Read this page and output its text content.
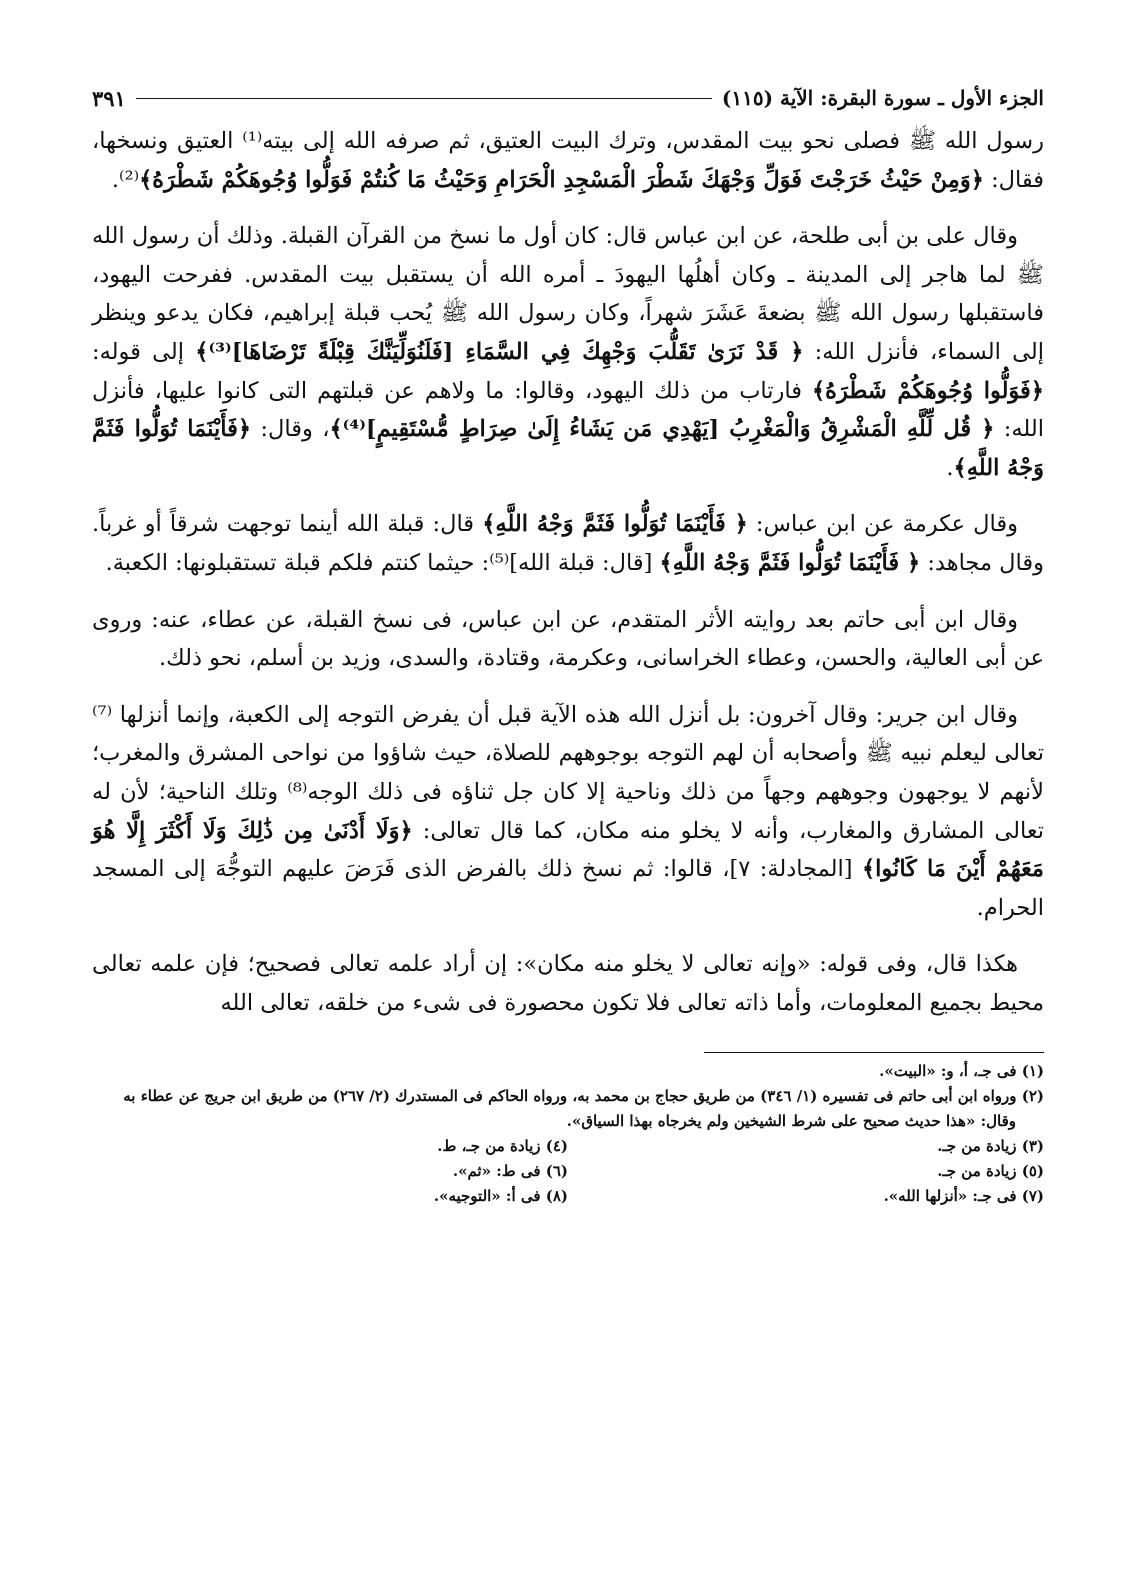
الجزء الأول ـ سورة البقرة: الآية (١١٥)
٣٩١

رسول الله ﷺ فصلى نحو بيت المقدس، وترك البيت العتيق، ثم صرفه الله إلى بيته⁽¹⁾ العتيق ونسخها، فقال: ﴿وَمِنْ حَيْثُ خَرَجْتَ فَوَلِّ وَجْهَكَ شَطْرَ الْمَسْجِدِ الْحَرَامِ وَحَيْثُ مَا كُنتُمْ فَوَلُّوا وُجُوهَكُمْ شَطْرَهُ﴾⁽²⁾.

وقال على بن أبى طلحة، عن ابن عباس قال: كان أول ما نسخ من القرآن القبلة. وذلك أن رسول الله ﷺ لما هاجر إلى المدينة ـ وكان أهلُها اليهودَ ـ أمره الله أن يستقبل بيت المقدس. ففرحت اليهود، فاستقبلها رسول الله ﷺ بضعةَ عَشَرَ شهراً، وكان رسول الله ﷺ يُحب قبلة إبراهيم، فكان يدعو وينظر إلى السماء، فأنزل الله: ﴿ قَدْ نَرَىٰ تَقَلُّبَ وَجْهِكَ فِي السَّمَاءِ [فَلَنُوَلِّيَنَّكَ قِبْلَةً تَرْضَاهَا]⁽³⁾﴾ إلى قوله: ﴿فَوَلُّوا وُجُوهَكُمْ شَطْرَهُ﴾ فارتاب من ذلك اليهود، وقالوا: ما ولاهم عن قبلتهم التى كانوا عليها، فأنزل الله: ﴿ قُل لِّلَّهِ الْمَشْرِقُ وَالْمَغْرِبُ [يَهْدِي مَن يَشَاءُ إِلَىٰ صِرَاطٍ مُّسْتَقِيمٍ]⁽⁴⁾﴾، وقال: ﴿فَأَيْنَمَا تُوَلُّوا فَثَمَّ وَجْهُ اللَّهِ﴾.

وقال عكرمة عن ابن عباس: ﴿ فَأَيْنَمَا تُوَلُّوا فَثَمَّ وَجْهُ اللَّهِ﴾ قال: قبلة الله أينما توجهت شرقاً أو غرباً. وقال مجاهد: ﴿ فَأَيْنَمَا تُوَلُّوا فَثَمَّ وَجْهُ اللَّهِ﴾ [قال: قبلة الله]⁽⁵⁾: حيثما كنتم فلكم قبلة تستقبلونها: الكعبة.

وقال ابن أبى حاتم بعد روايته الأثر المتقدم، عن ابن عباس، فى نسخ القبلة، عن عطاء، عنه: وروى عن أبى العالية، والحسن، وعطاء الخراسانى، وعكرمة، وقتادة، والسدى، وزيد بن أسلم، نحو ذلك.

وقال ابن جرير: وقال آخرون: بل أنزل الله هذه الآية قبل أن يفرض التوجه إلى الكعبة، وإنما أنزلها ⁽⁷⁾ تعالى ليعلم نبيه ﷺ وأصحابه أن لهم التوجه بوجوههم للصلاة، حيث شاؤوا من نواحى المشرق والمغرب؛ لأنهم لا يوجهون وجوههم وجهاً من ذلك وناحية إلا كان جل ثناؤه فى ذلك الوجه⁽⁸⁾ وتلك الناحية؛ لأن له تعالى المشارق والمغارب، وأنه لا يخلو منه مكان، كما قال تعالى: ﴿وَلَا أَدْنَىٰ مِن ذَٰلِكَ وَلَا أَكْثَرَ إِلَّا هُوَ مَعَهُمْ أَيْنَ مَا كَانُوا﴾ [المجادلة: ٧]، قالوا: ثم نسخ ذلك بالفرض الذى فَرَضَ عليهم التوجُّهَ إلى المسجد الحرام.

هكذا قال، وفى قوله: «وإنه تعالى لا يخلو منه مكان»: إن أراد علمه تعالى فصحيح؛ فإن علمه تعالى محيط بجميع المعلومات، وأما ذاته تعالى فلا تكون محصورة فى شىء من خلقه، تعالى الله

(١) فى جـ، أ، و: «البيت».

(٢) ورواه ابن أبى حاتم فى تفسيره (١/ ٣٤٦) من طريق حجاج بن محمد به، ورواه الحاكم فى المستدرك (٢/ ٢٦٧) من طريق ابن جريج عن عطاء به وقال: «هذا حديث صحيح على شرط الشيخين ولم يخرجاه بهذا السياق».

(٣) زيادة من جـ.

(٤) زيادة من جـ، ط.

(٥) زيادة من جـ.

(٦) فى ط: «ثم».

(٧) فى جـ: «أنزلها الله».

(٨) فى أ: «التوجيه».
